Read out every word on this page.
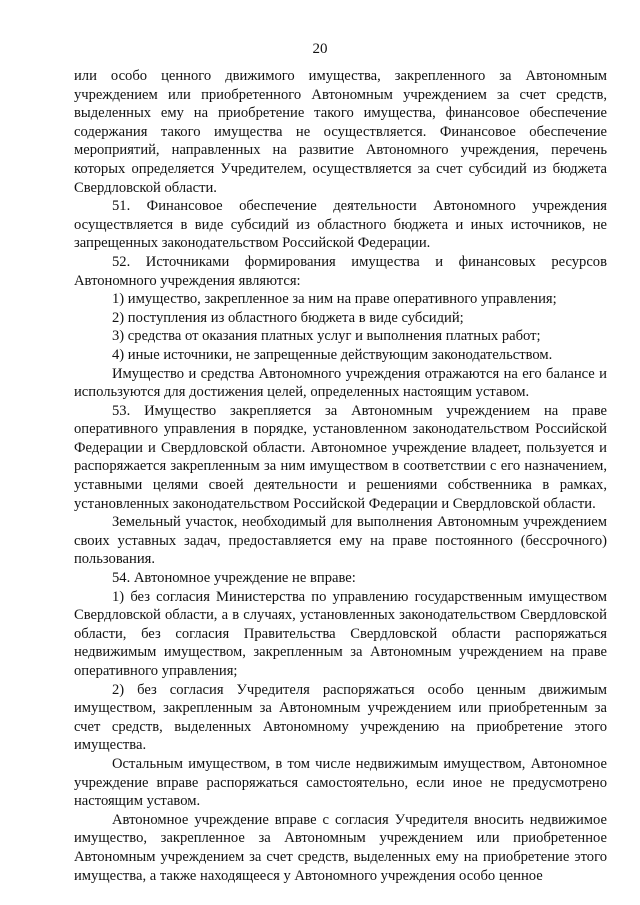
20

или особо ценного движимого имущества, закрепленного за Автономным учреждением или приобретенного Автономным учреждением за счет средств, выделенных ему на приобретение такого имущества, финансовое обеспечение содержания такого имущества не осуществляется. Финансовое обеспечение мероприятий, направленных на развитие Автономного учреждения, перечень которых определяется Учредителем, осуществляется за счет субсидий из бюджета Свердловской области.

51. Финансовое обеспечение деятельности Автономного учреждения осуществляется в виде субсидий из областного бюджета и иных источников, не запрещенных законодательством Российской Федерации.

52. Источниками формирования имущества и финансовых ресурсов Автономного учреждения являются:

1) имущество, закрепленное за ним на праве оперативного управления;

2) поступления из областного бюджета в виде субсидий;

3) средства от оказания платных услуг и выполнения платных работ;

4) иные источники, не запрещенные действующим законодательством.

Имущество и средства Автономного учреждения отражаются на его балансе и используются для достижения целей, определенных настоящим уставом.

53. Имущество закрепляется за Автономным учреждением на праве оперативного управления в порядке, установленном законодательством Российской Федерации и Свердловской области. Автономное учреждение владеет, пользуется и распоряжается закрепленным за ним имуществом в соответствии с его назначением, уставными целями своей деятельности и решениями собственника в рамках, установленных законодательством Российской Федерации и Свердловской области.

Земельный участок, необходимый для выполнения Автономным учреждением своих уставных задач, предоставляется ему на праве постоянного (бессрочного) пользования.

54. Автономное учреждение не вправе:

1) без согласия Министерства по управлению государственным имуществом Свердловской области, а в случаях, установленных законодательством Свердловской области, без согласия Правительства Свердловской области распоряжаться недвижимым имуществом, закрепленным за Автономным учреждением на праве оперативного управления;

2) без согласия Учредителя распоряжаться особо ценным движимым имуществом, закрепленным за Автономным учреждением или приобретенным за счет средств, выделенных Автономному учреждению на приобретение этого имущества.

Остальным имуществом, в том числе недвижимым имуществом, Автономное учреждение вправе распоряжаться самостоятельно, если иное не предусмотрено настоящим уставом.

Автономное учреждение вправе с согласия Учредителя вносить недвижимое имущество, закрепленное за Автономным учреждением или приобретенное Автономным учреждением за счет средств, выделенных ему на приобретение этого имущества, а также находящееся у Автономного учреждения особо ценное
